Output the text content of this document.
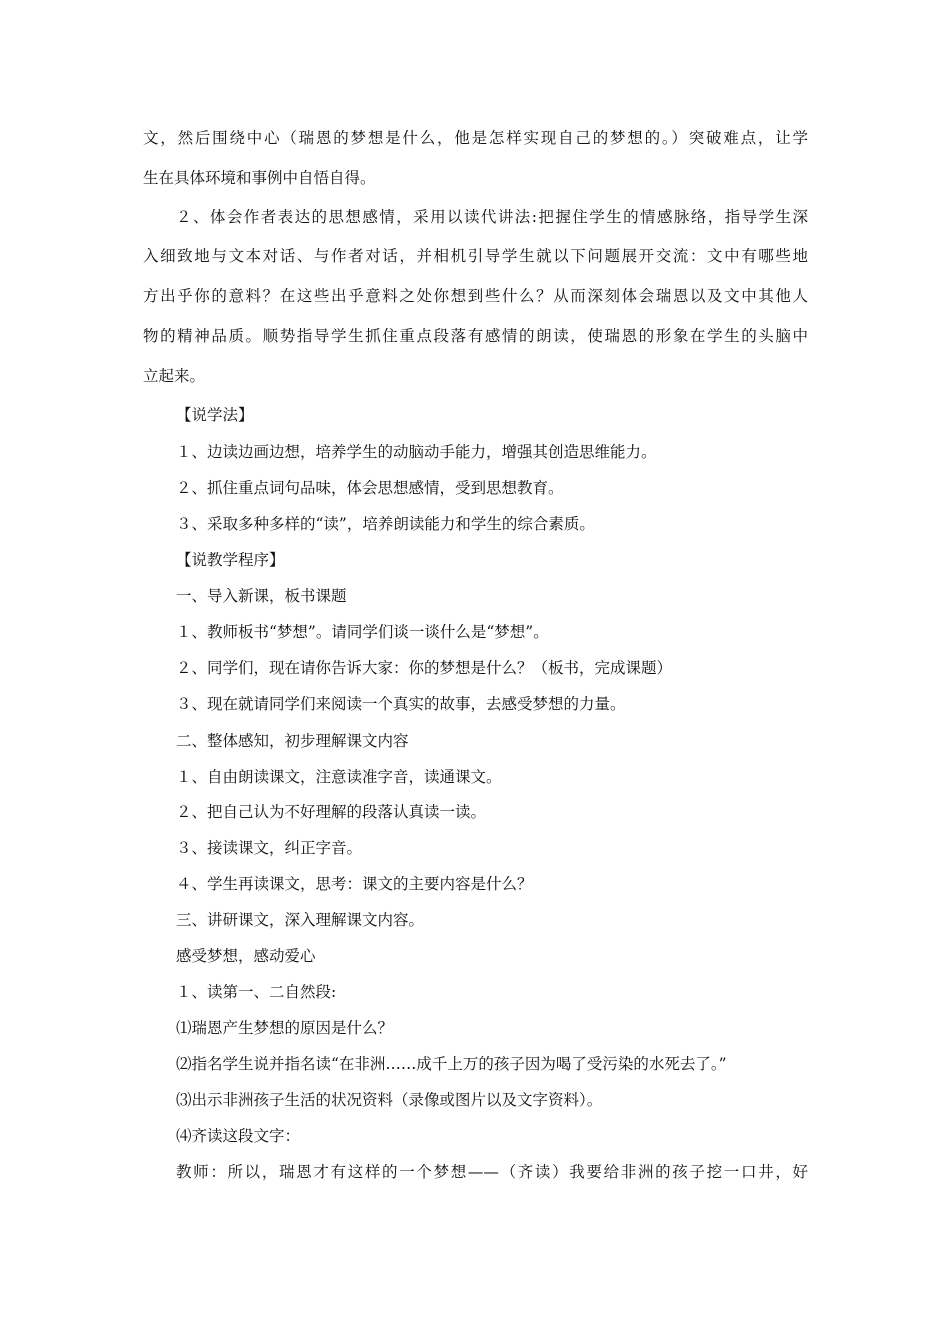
文，然后围绕中心（瑞恩的梦想是什么，他是怎样实现自己的梦想的。）突破难点，让学
生在具体环境和事例中自悟自得。
２、体会作者表达的思想感情，采用以读代讲法:把握住学生的情感脉络，指导学生深
入细致地与文本对话、与作者对话，并相机引导学生就以下问题展开交流：文中有哪些地
方出乎你的意料？在这些出乎意料之处你想到些什么？从而深刻体会瑞恩以及文中其他人
物的精神品质。顺势指导学生抓住重点段落有感情的朗读，使瑞恩的形象在学生的头脑中
立起来。
【说学法】
１、边读边画边想，培养学生的动脑动手能力，增强其创造思维能力。
２、抓住重点词句品味，体会思想感情，受到思想教育。
３、采取多种多样的“读”，培养朗读能力和学生的综合素质。
【说教学程序】
一、导入新课，板书课题
１、教师板书“梦想”。请同学们谈一谈什么是“梦想”。
２、同学们，现在请你告诉大家：你的梦想是什么？（板书，完成课题）
３、现在就请同学们来阅读一个真实的故事，去感受梦想的力量。
二、整体感知，初步理解课文内容
１、自由朗读课文，注意读准字音，读通课文。
２、把自己认为不好理解的段落认真读一读。
３、接读课文，纠正字音。
４、学生再读课文，思考：课文的主要内容是什么？
三、讲研课文，深入理解课文内容。
感受梦想，感动爱心
１、读第一、二自然段:
⑴瑞恩产生梦想的原因是什么？
⑵指名学生说并指名读“在非洲……成千上万的孩子因为喝了受污染的水死去了。”
⑶出示非洲孩子生活的状况资料（录像或图片以及文字资料）。
⑷齐读这段文字：
教师：所以，瑞恩才有这样的一个梦想——（齐读）我要给非洲的孩子挖一口井，好
